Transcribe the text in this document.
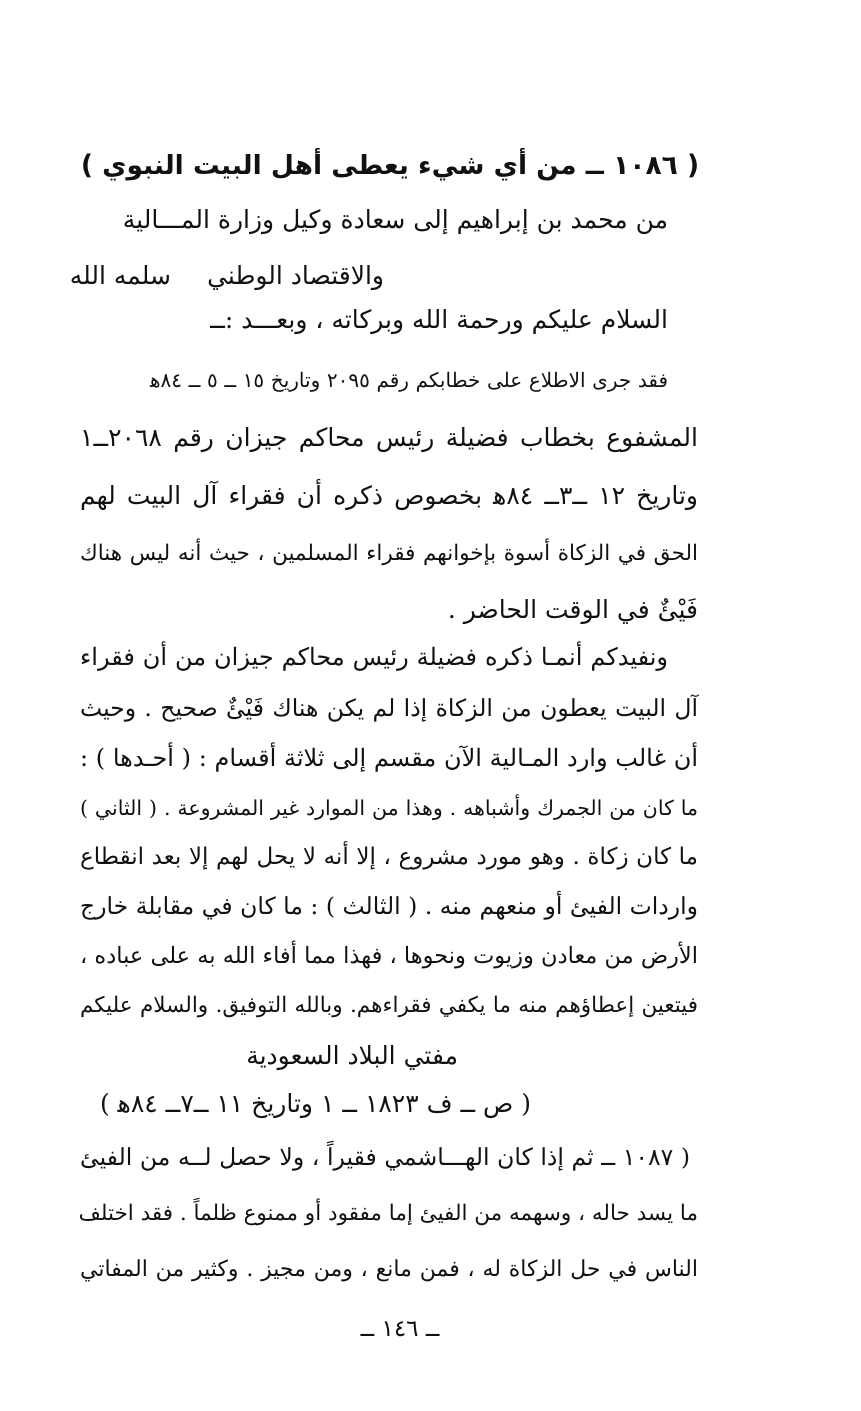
( ١٠٨٦ ــ من أي شيء يعطى أهل البيت النبوي )
من محمد بن إبراهيم إلى سعادة وكيل وزارة المـــالية
والاقتصاد الوطني
سلمه الله
السلام عليكم ورحمة الله وبركاته ، وبعـــد :ــ
فقد جرى الاطلاع على خطابكم رقم ٢٠٩٥ وتاريخ ١٥ ــ ٥ ــ ٨٤ﻫ
المشفوع بخطاب فضيلة رئيس محاكم جيزان رقم ٢٠٦٨ــ١
وتاريخ ١٢ ــ٣ــ ٨٤ﻫ بخصوص ذكره أن فقراء آل البيت لهم
الحق في الزكاة أسوة بإخوانهم فقراء المسلمين ، حيث أنه ليس هناك
فَيْئٌ في الوقت الحاضر .
ونفيدكم أنمـا ذكره فضيلة رئيس محاكم جيزان من أن فقراء
آل البيت يعطون من الزكاة إذا لم يكن هناك فَيْئٌ صحيح . وحيث
أن غالب وارد المـالية الآن مقسم إلى ثلاثة أقسام : ( أحـدها ) :
ما كان من الجمرك وأشباهه . وهذا من الموارد غير المشروعة . ( الثاني )
ما كان زكاة . وهو مورد مشروع ، إلا أنه لا يحل لهم إلا بعد انقطاع
واردات الفيئ أو منعهم منه . ( الثالث ) : ما كان في مقابلة خارج
الأرض من معادن وزيوت ونحوها ، فهذا مما أفاء الله به على عباده ،
فيتعين إعطاؤهم منه ما يكفي فقراءهم. وبالله التوفيق. والسلام عليكم
مفتي البلاد السعودية
( ص ــ ف ١٨٢٣ ــ ١ وتاريخ ١١ ــ٧ــ ٨٤ﻫ )
( ١٠٨٧ ــ ثم إذا كان الهـــاشمي فقيراً ، ولا حصل لــه من الفيئ
ما يسد حاله ، وسهمه من الفيئ إما مفقود أو ممنوع ظلماً . فقد اختلف
الناس في حل الزكاة له ، فمن مانع ، ومن مجيز . وكثير من المفاتي
ــ ١٤٦ ــ
